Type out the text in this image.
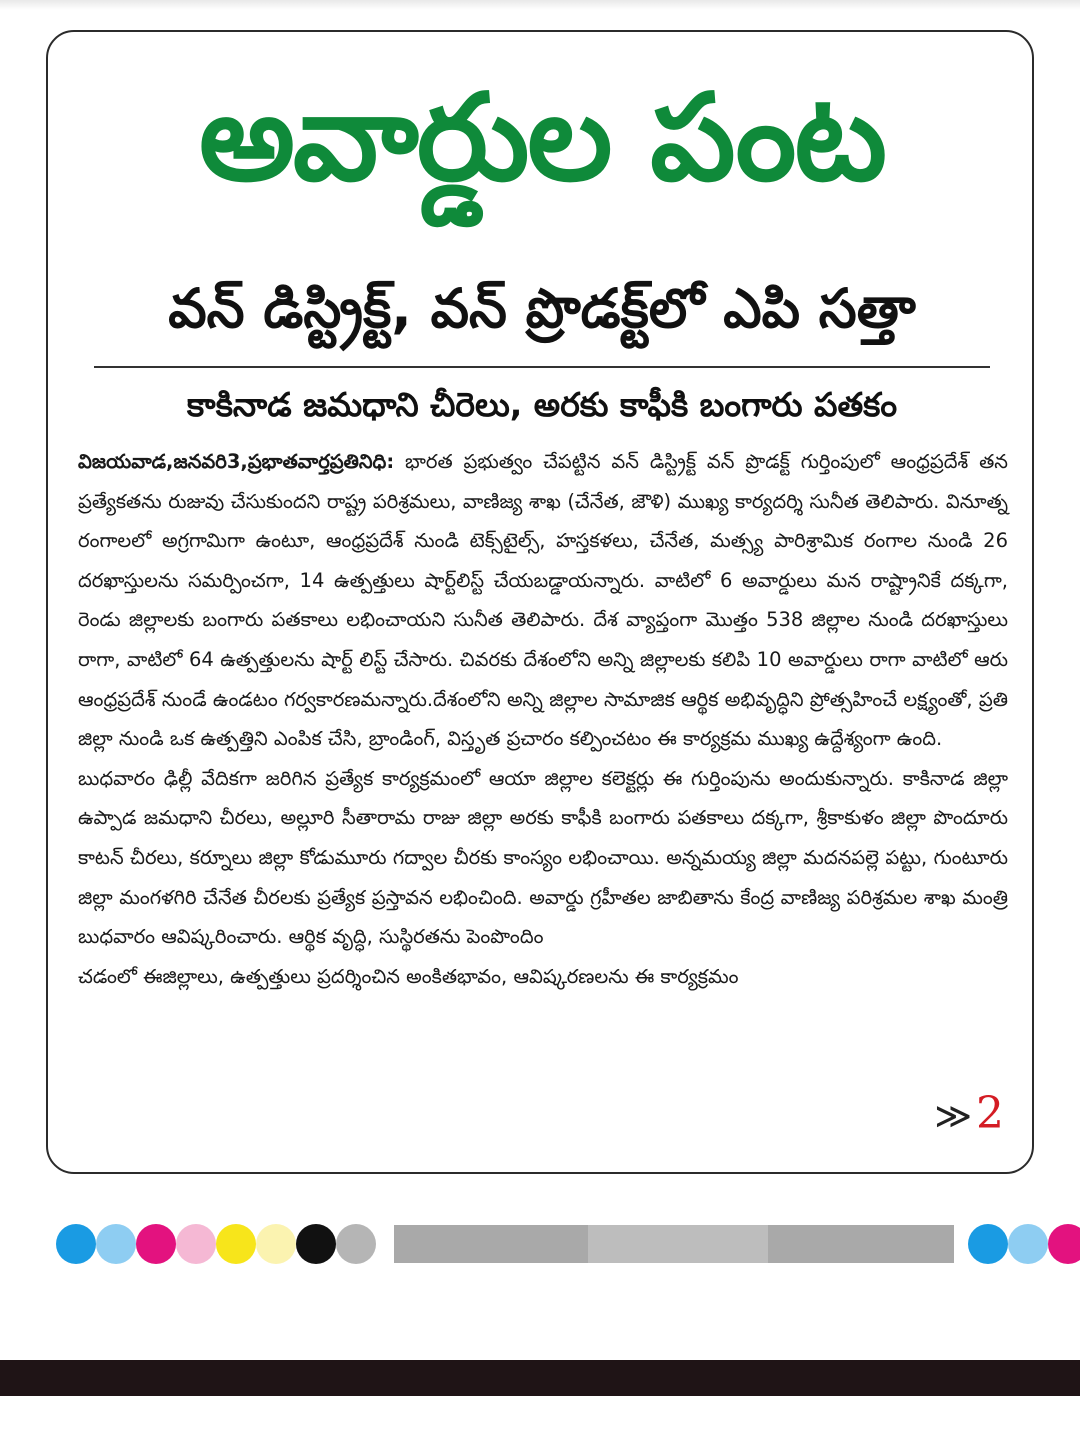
అవార్డుల పంట
వన్ డిస్ట్రిక్ట్, వన్ ప్రొడక్ట్‌లో ఎపి సత్తా
కాకినాడ జమధాని చీరెలు, అరకు కాఫీకి బంగారు పతకం

విజయవాడ,జనవరి3,ప్రభాతవార్తప్రతినిధి: భారత ప్రభుత్వం చేపట్టిన వన్ డిస్ట్రిక్ట్ వన్ ప్రొడక్ట్ గుర్తింపులో ఆంధ్రప్రదేశ్ తన ప్రత్యేకతను రుజువు చేసుకుందని రాష్ట్ర పరిశ్రమలు, వాణిజ్య శాఖ (చేనేత, జౌళి) ముఖ్య కార్యదర్శి సునీత తెలిపారు. వినూత్న రంగాలలో అగ్రగామిగా ఉంటూ, ఆంధ్రప్రదేశ్ నుండి టెక్స్‌టైల్స్, హస్తకళలు, చేనేత, మత్స్య పారిశ్రామిక రంగాల నుండి 26 దరఖాస్తులను సమర్పించగా, 14 ఉత్పత్తులు షార్ట్‌లిస్ట్ చేయబడ్డాయన్నారు. వాటిలో 6 అవార్డులు మన రాష్ట్రానికే దక్కగా, రెండు జిల్లాలకు బంగారు పతకాలు లభించాయని సునీత తెలిపారు. దేశ వ్యాప్తంగా మొత్తం 538 జిల్లాల నుండి దరఖాస్తులు రాగా, వాటిలో 64 ఉత్పత్తులను షార్ట్ లిస్ట్ చేసారు. చివరకు దేశంలోని అన్ని జిల్లాలకు కలిపి 10 అవార్డులు రాగా వాటిలో ఆరు ఆంధ్రప్రదేశ్ నుండే ఉండటం గర్వకారణమన్నారు.దేశంలోని అన్ని జిల్లాల సామాజిక ఆర్థిక అభివృద్ధిని ప్రోత్సహించే లక్ష్యంతో, ప్రతి జిల్లా నుండి ఒక ఉత్పత్తిని ఎంపిక చేసి, బ్రాండింగ్, విస్తృత ప్రచారం కల్పించటం ఈ కార్యక్రమ ముఖ్య ఉద్దేశ్యంగా ఉంది.

బుధవారం ఢిల్లీ వేదికగా జరిగిన ప్రత్యేక కార్యక్రమంలో ఆయా జిల్లాల కలెక్టర్లు ఈ గుర్తింపును అందుకున్నారు. కాకినాడ జిల్లా ఉప్పాడ జమధాని చీరలు, అల్లూరి సీతారామ రాజు జిల్లా అరకు కాఫీకి బంగారు పతకాలు దక్కగా, శ్రీకాకుళం జిల్లా పొందూరు కాటన్ చీరలు, కర్నూలు జిల్లా కోడుమూరు గద్వాల చీరకు కాంస్యం లభించాయి. అన్నమయ్య జిల్లా మదనపల్లె పట్టు, గుంటూరు జిల్లా మంగళగిరి చేనేత చీరలకు ప్రత్యేక ప్రస్తావన లభించింది. అవార్డు గ్రహీతల జాబితాను కేంద్ర వాణిజ్య పరిశ్రమల శాఖ మంత్రి బుధవారం ఆవిష్కరించారు. ఆర్థిక వృద్ధి, సుస్థిరతను పెంపొందిం

చడంలో ఈజిల్లాలు, ఉత్పత్తులు ప్రదర్శించిన అంకితభావం, ఆవిష్కరణలను ఈ కార్యక్రమం

≫2
